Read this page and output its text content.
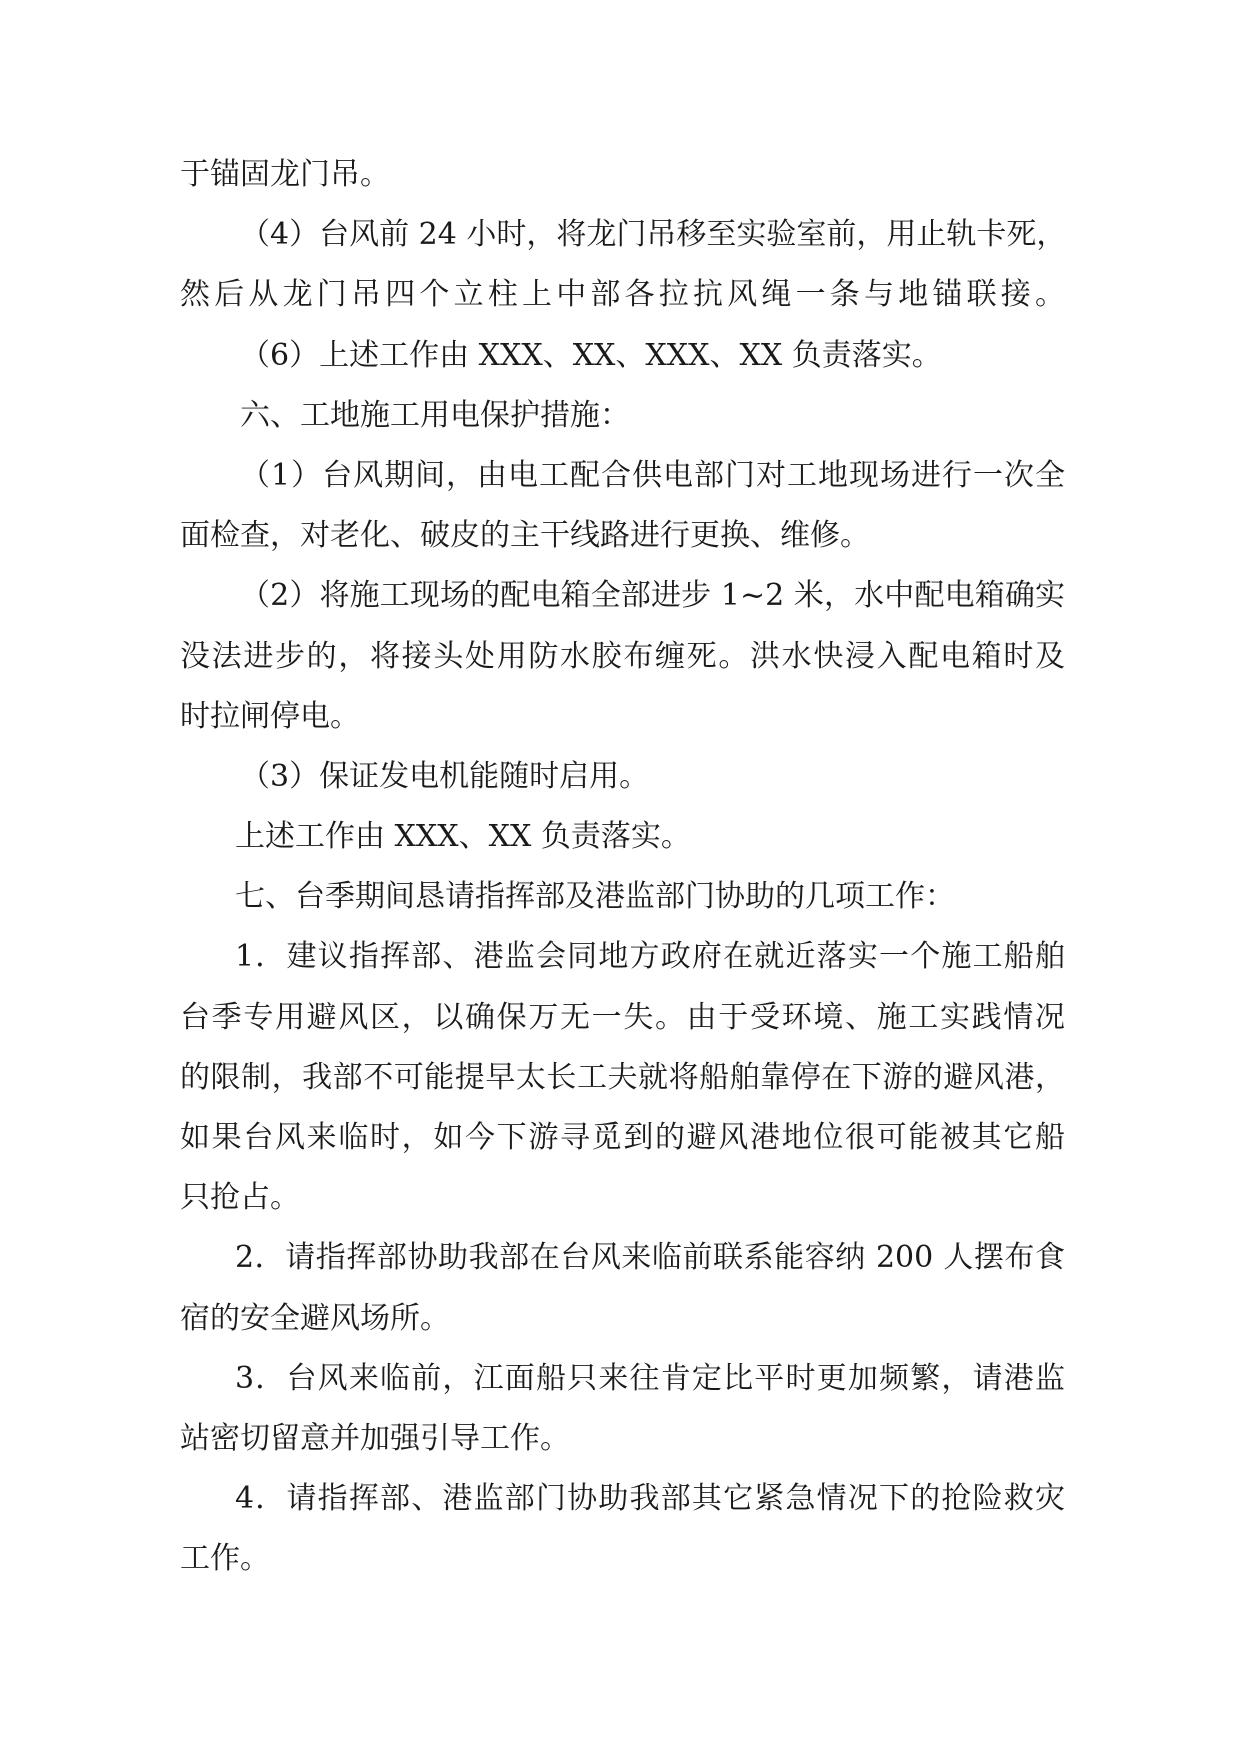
于锚固龙门吊。
（4）台风前 24 小时，将龙门吊移至实验室前，用止轨卡死，
然后从龙门吊四个立柱上中部各拉抗风绳一条与地锚联接。
（6）上述工作由 XXX、XX、XXX、XX 负责落实。
六、工地施工用电保护措施：
（1）台风期间，由电工配合供电部门对工地现场进行一次全
面检查，对老化、破皮的主干线路进行更换、维修。
（2）将施工现场的配电箱全部进步 1~2 米，水中配电箱确实
没法进步的，将接头处用防水胶布缠死。洪水快浸入配电箱时及
时拉闸停电。
（3）保证发电机能随时启用。
上述工作由 XXX、XX 负责落实。
七、台季期间恳请指挥部及港监部门协助的几项工作：
1．建议指挥部、港监会同地方政府在就近落实一个施工船舶
台季专用避风区，以确保万无一失。由于受环境、施工实践情况
的限制，我部不可能提早太长工夫就将船舶靠停在下游的避风港，
如果台风来临时，如今下游寻觅到的避风港地位很可能被其它船
只抢占。
2．请指挥部协助我部在台风来临前联系能容纳 200 人摆布食
宿的安全避风场所。
3．台风来临前，江面船只来往肯定比平时更加频繁，请港监
站密切留意并加强引导工作。
4．请指挥部、港监部门协助我部其它紧急情况下的抢险救灾
工作。
